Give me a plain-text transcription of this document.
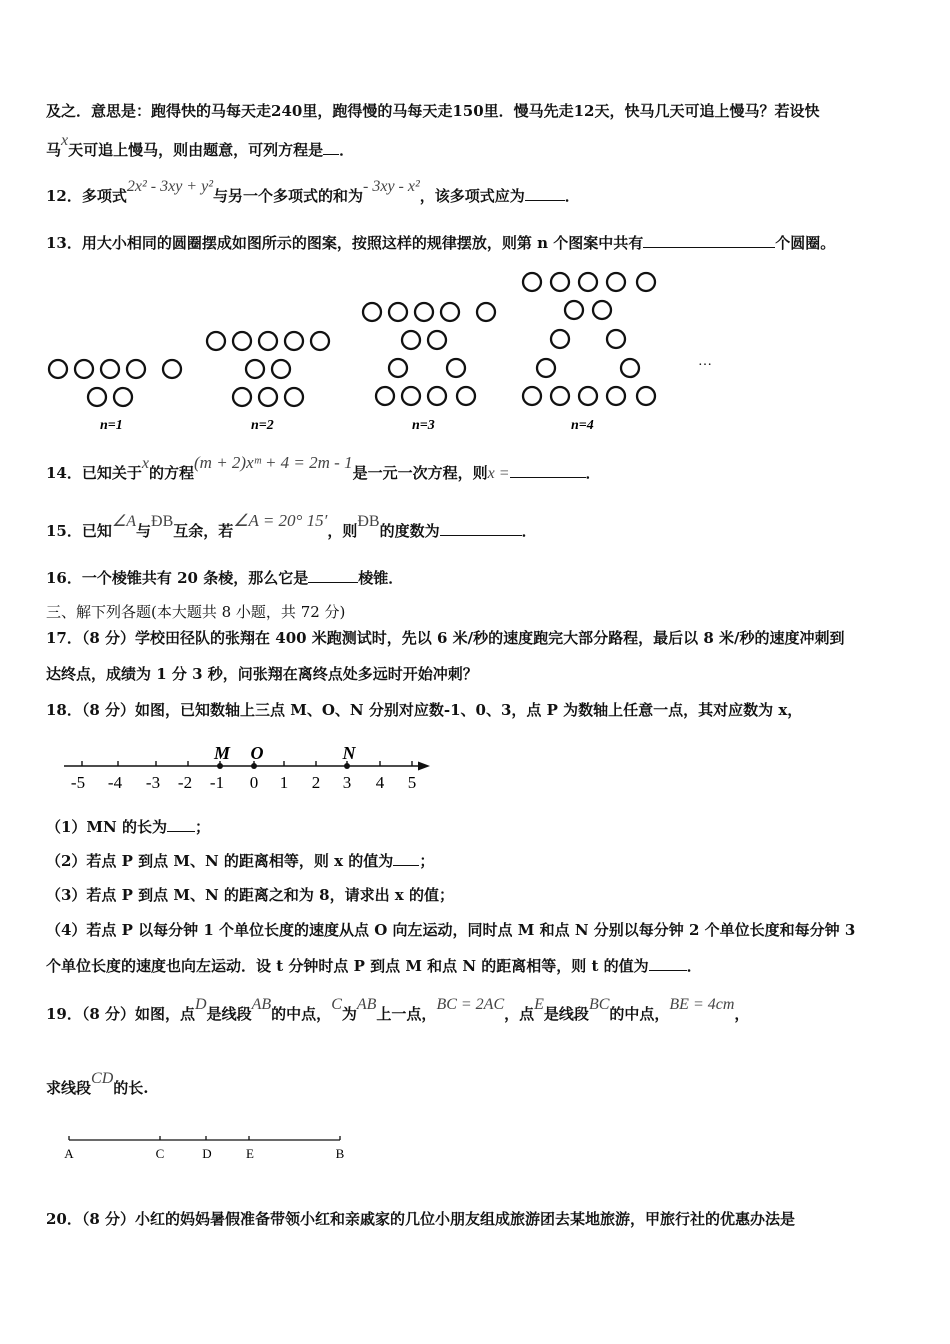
及之．意思是：跑得快的马每天走240里，跑得慢的马每天走150里．慢马先走12天，快马几天可追上慢马？若设快
马x天可追上慢马，则由题意，可列方程是 ．
12．多项式2x² - 3xy + y²与另一个多项式的和为- 3xy - x²，该多项式应为	．
13．用大小相同的圆圈摆成如图所示的图案，按照这样的规律摆放，则第 n 个图案中共有	个圆圈。
…
n=1	n=2	n=3	n=4
14．已知关于x的方程(m + 2)xᵐ + 4 = 2m - 1是一元一次方程，则x =	．
15．已知∠A与ÐB互余，若∠A = 20° 15′，则ÐB的度数为	．
16．一个棱锥共有 20 条棱，那么它是	棱锥．
三、解下列各题(本大题共 8 小题，共 72 分)
17．（8 分）学校田径队的张翔在 400 米跑测试时，先以 6 米/秒的速度跑完大部分路程，最后以 8 米/秒的速度冲刺到
达终点，成绩为 1 分 3 秒，问张翔在离终点处多远时开始冲刺？
18．（8 分）如图，已知数轴上三点 M、O、N 分别对应数-1、0、3，点 P 为数轴上任意一点，其对应数为 x，
M O	N
-5 -4 -3 -2 -1 0 1 2 3 4 5
（1）MN 的长为 ；
（2）若点 P 到点 M、N 的距离相等，则 x 的值为 ；
（3）若点 P 到点 M、N 的距离之和为 8，请求出 x 的值；
（4）若点 P 以每分钟 1 个单位长度的速度从点 O 向左运动，同时点 M 和点 N 分别以每分钟 2 个单位长度和每分钟 3
个单位长度的速度也向左运动．设 t 分钟时点 P 到点 M 和点 N 的距离相等，则 t 的值为	．
19．（8 分）如图，点D是线段AB的中点，C为AB上一点，BC = 2AC，点E是线段BC的中点，BE = 4cm，
求线段CD的长.
A	C	D	E	B
20．（8 分）小红的妈妈暑假准备带领小红和亲戚家的几位小朋友组成旅游团去某地旅游，甲旅行社的优惠办法是
